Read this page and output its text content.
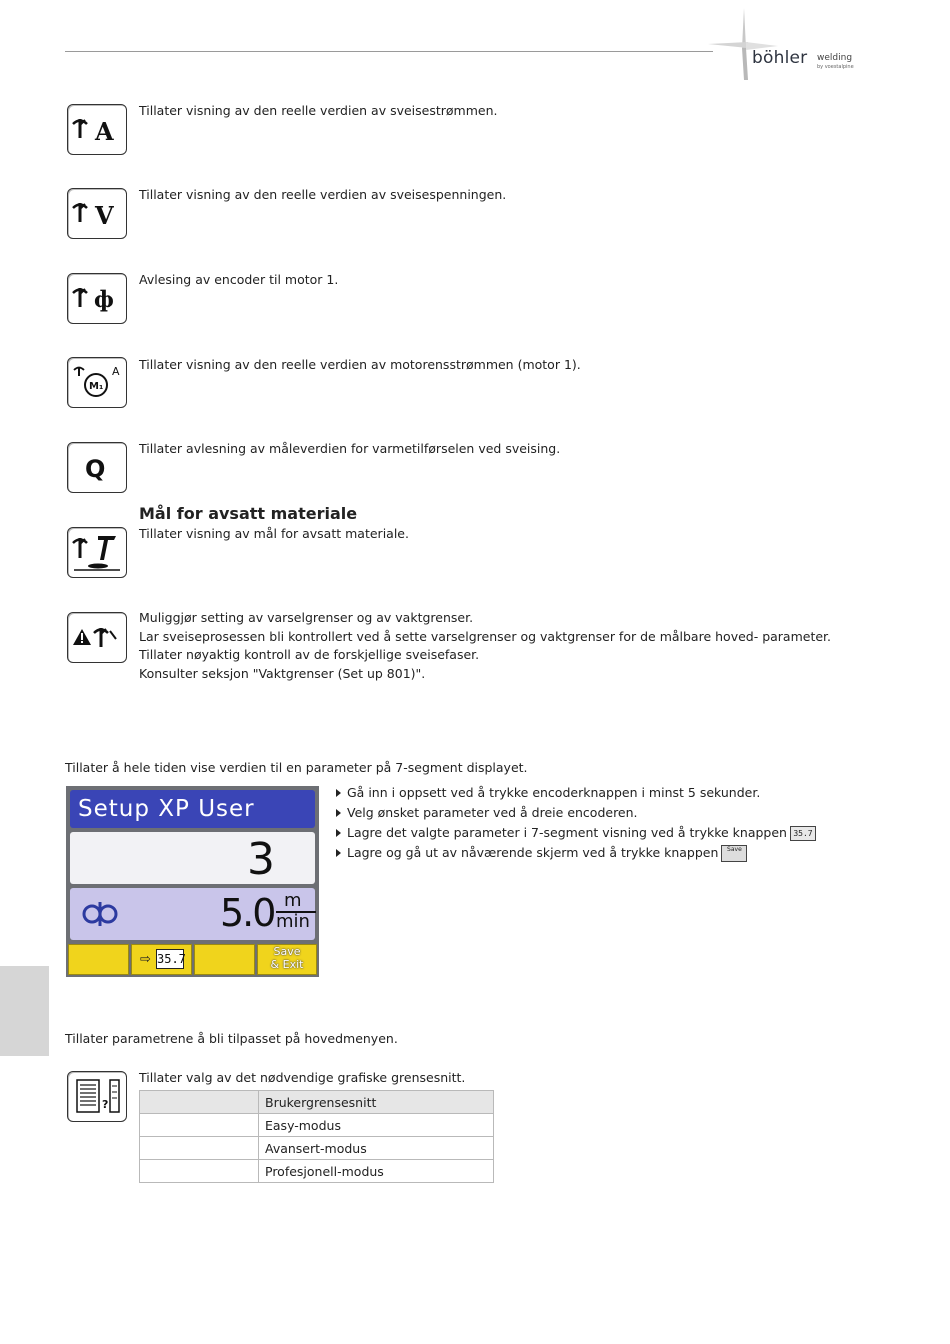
böhler welding
by voestalpine
A
Tillater visning av den reelle verdien av sveisestrømmen.
V
Tillater visning av den reelle verdien av sveisespenningen.
ф
Avlesing av encoder til motor 1.
M₁
A Tillater visning av den reelle verdien av motorensstrømmen (motor 1).
Q
Tillater avlesning av måleverdien for varmetilførselen ved sveising.
Mål for avsatt materiale
Tillater visning av mål for avsatt materiale.
Muliggjør setting av varselgrenser og av vaktgrenser.
Lar sveiseprosessen bli kontrollert ved å sette varselgrenser og vaktgrenser for de målbare hoved- parameter.
Tillater nøyaktig kontroll av de forskjellige sveisefaser.
Konsulter seksjon "Vaktgrenser (Set up 801)".
Tillater å hele tiden vise verdien til en parameter på 7-segment displayet.
Setup XP User
3
5.0 m
min
⇨ 35.7
Save
& Exit
Gå inn i oppsett ved å trykke encoderknappen i minst 5 sekunder.
Velg ønsket parameter ved å dreie encoderen.
Lagre det valgte parameter i 7-segment visning ved å trykke knappen 35.7
Lagre og gå ut av nåværende skjerm ved å trykke knappen Save
Tillater parametrene å bli tilpasset på hovedmenyen.
?
Tillater valg av det nødvendige grafiske grensesnitt.
	Brukergrensesnitt
	Easy-modus
	Avansert-modus
	Profesjonell-modus
